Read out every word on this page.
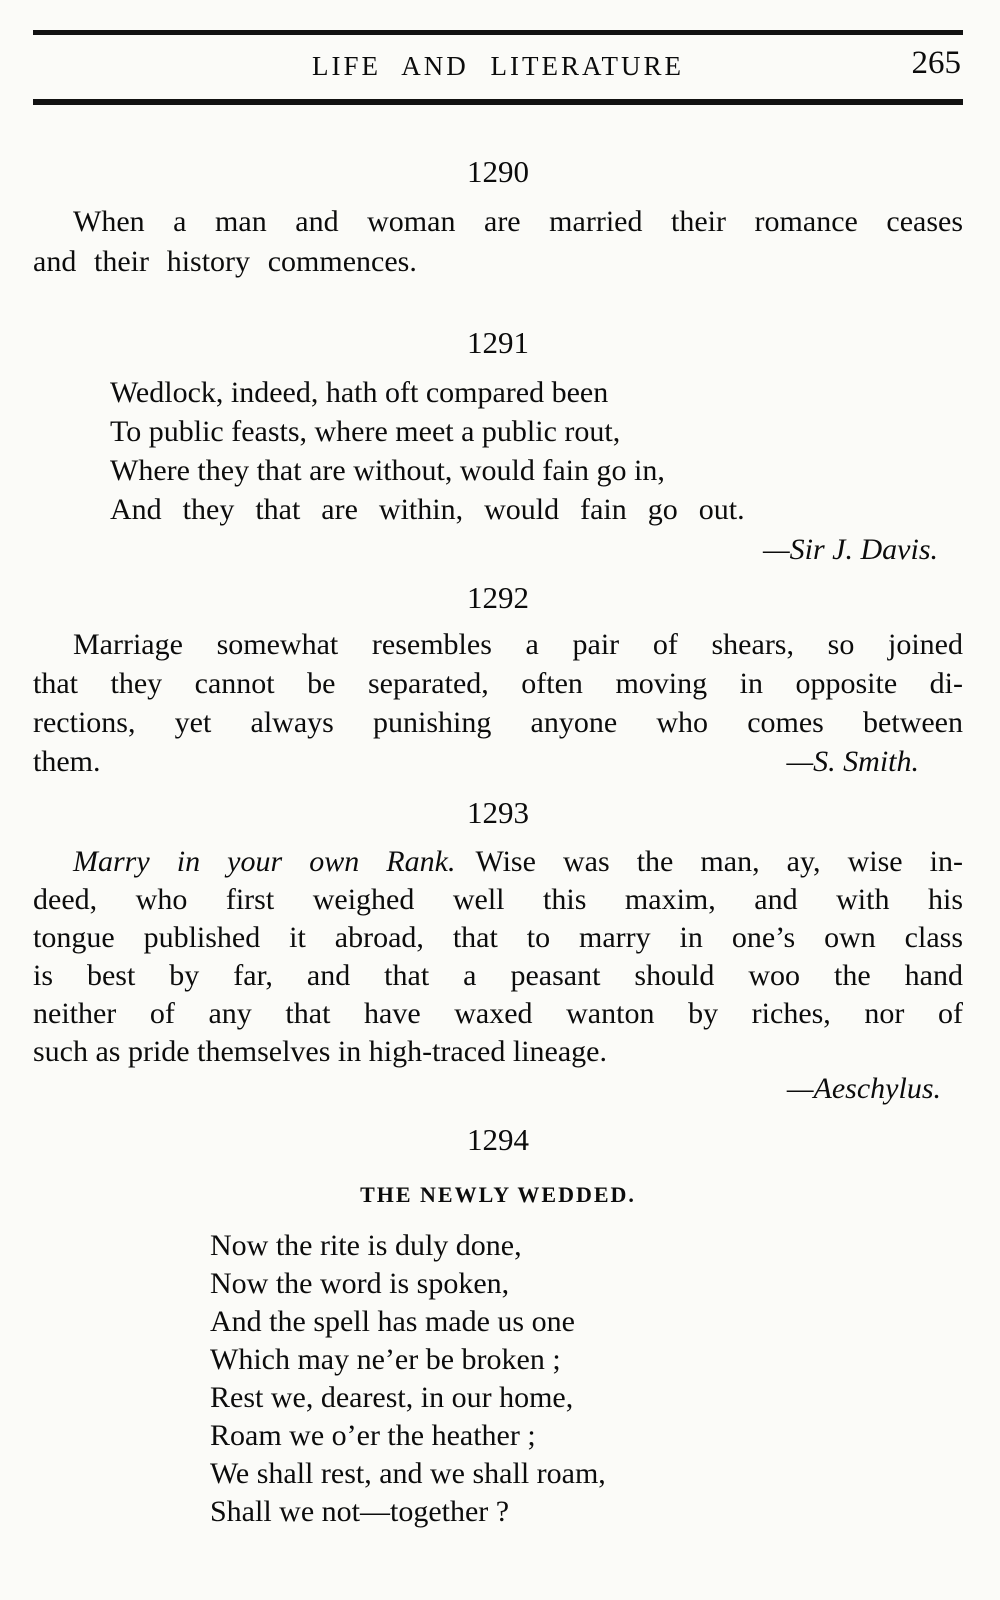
LIFE AND LITERATURE	265
1290
When a man and woman are married their romance ceases
and their history commences.
1291
Wedlock, indeed, hath oft compared been
To public feasts, where meet a public rout,
Where they that are without, would fain go in,
And they that are within, would fain go out.
—Sir J. Davis.
1292
Marriage somewhat resembles a pair of shears, so joined
that they cannot be separated, often moving in opposite di-
rections, yet always punishing anyone who comes between
them.	—S. Smith.
1293
Marry in your own Rank. Wise was the man, ay, wise in-
deed, who first weighed well this maxim, and with his
tongue published it abroad, that to marry in one’s own class
is best by far, and that a peasant should woo the hand
neither of any that have waxed wanton by riches, nor of
such as pride themselves in high-traced lineage.
—Aeschylus.
1294
THE NEWLY WEDDED.
Now the rite is duly done,
Now the word is spoken,
And the spell has made us one
Which may ne’er be broken ;
Rest we, dearest, in our home,
Roam we o’er the heather ;
We shall rest, and we shall roam,
Shall we not—together ?
